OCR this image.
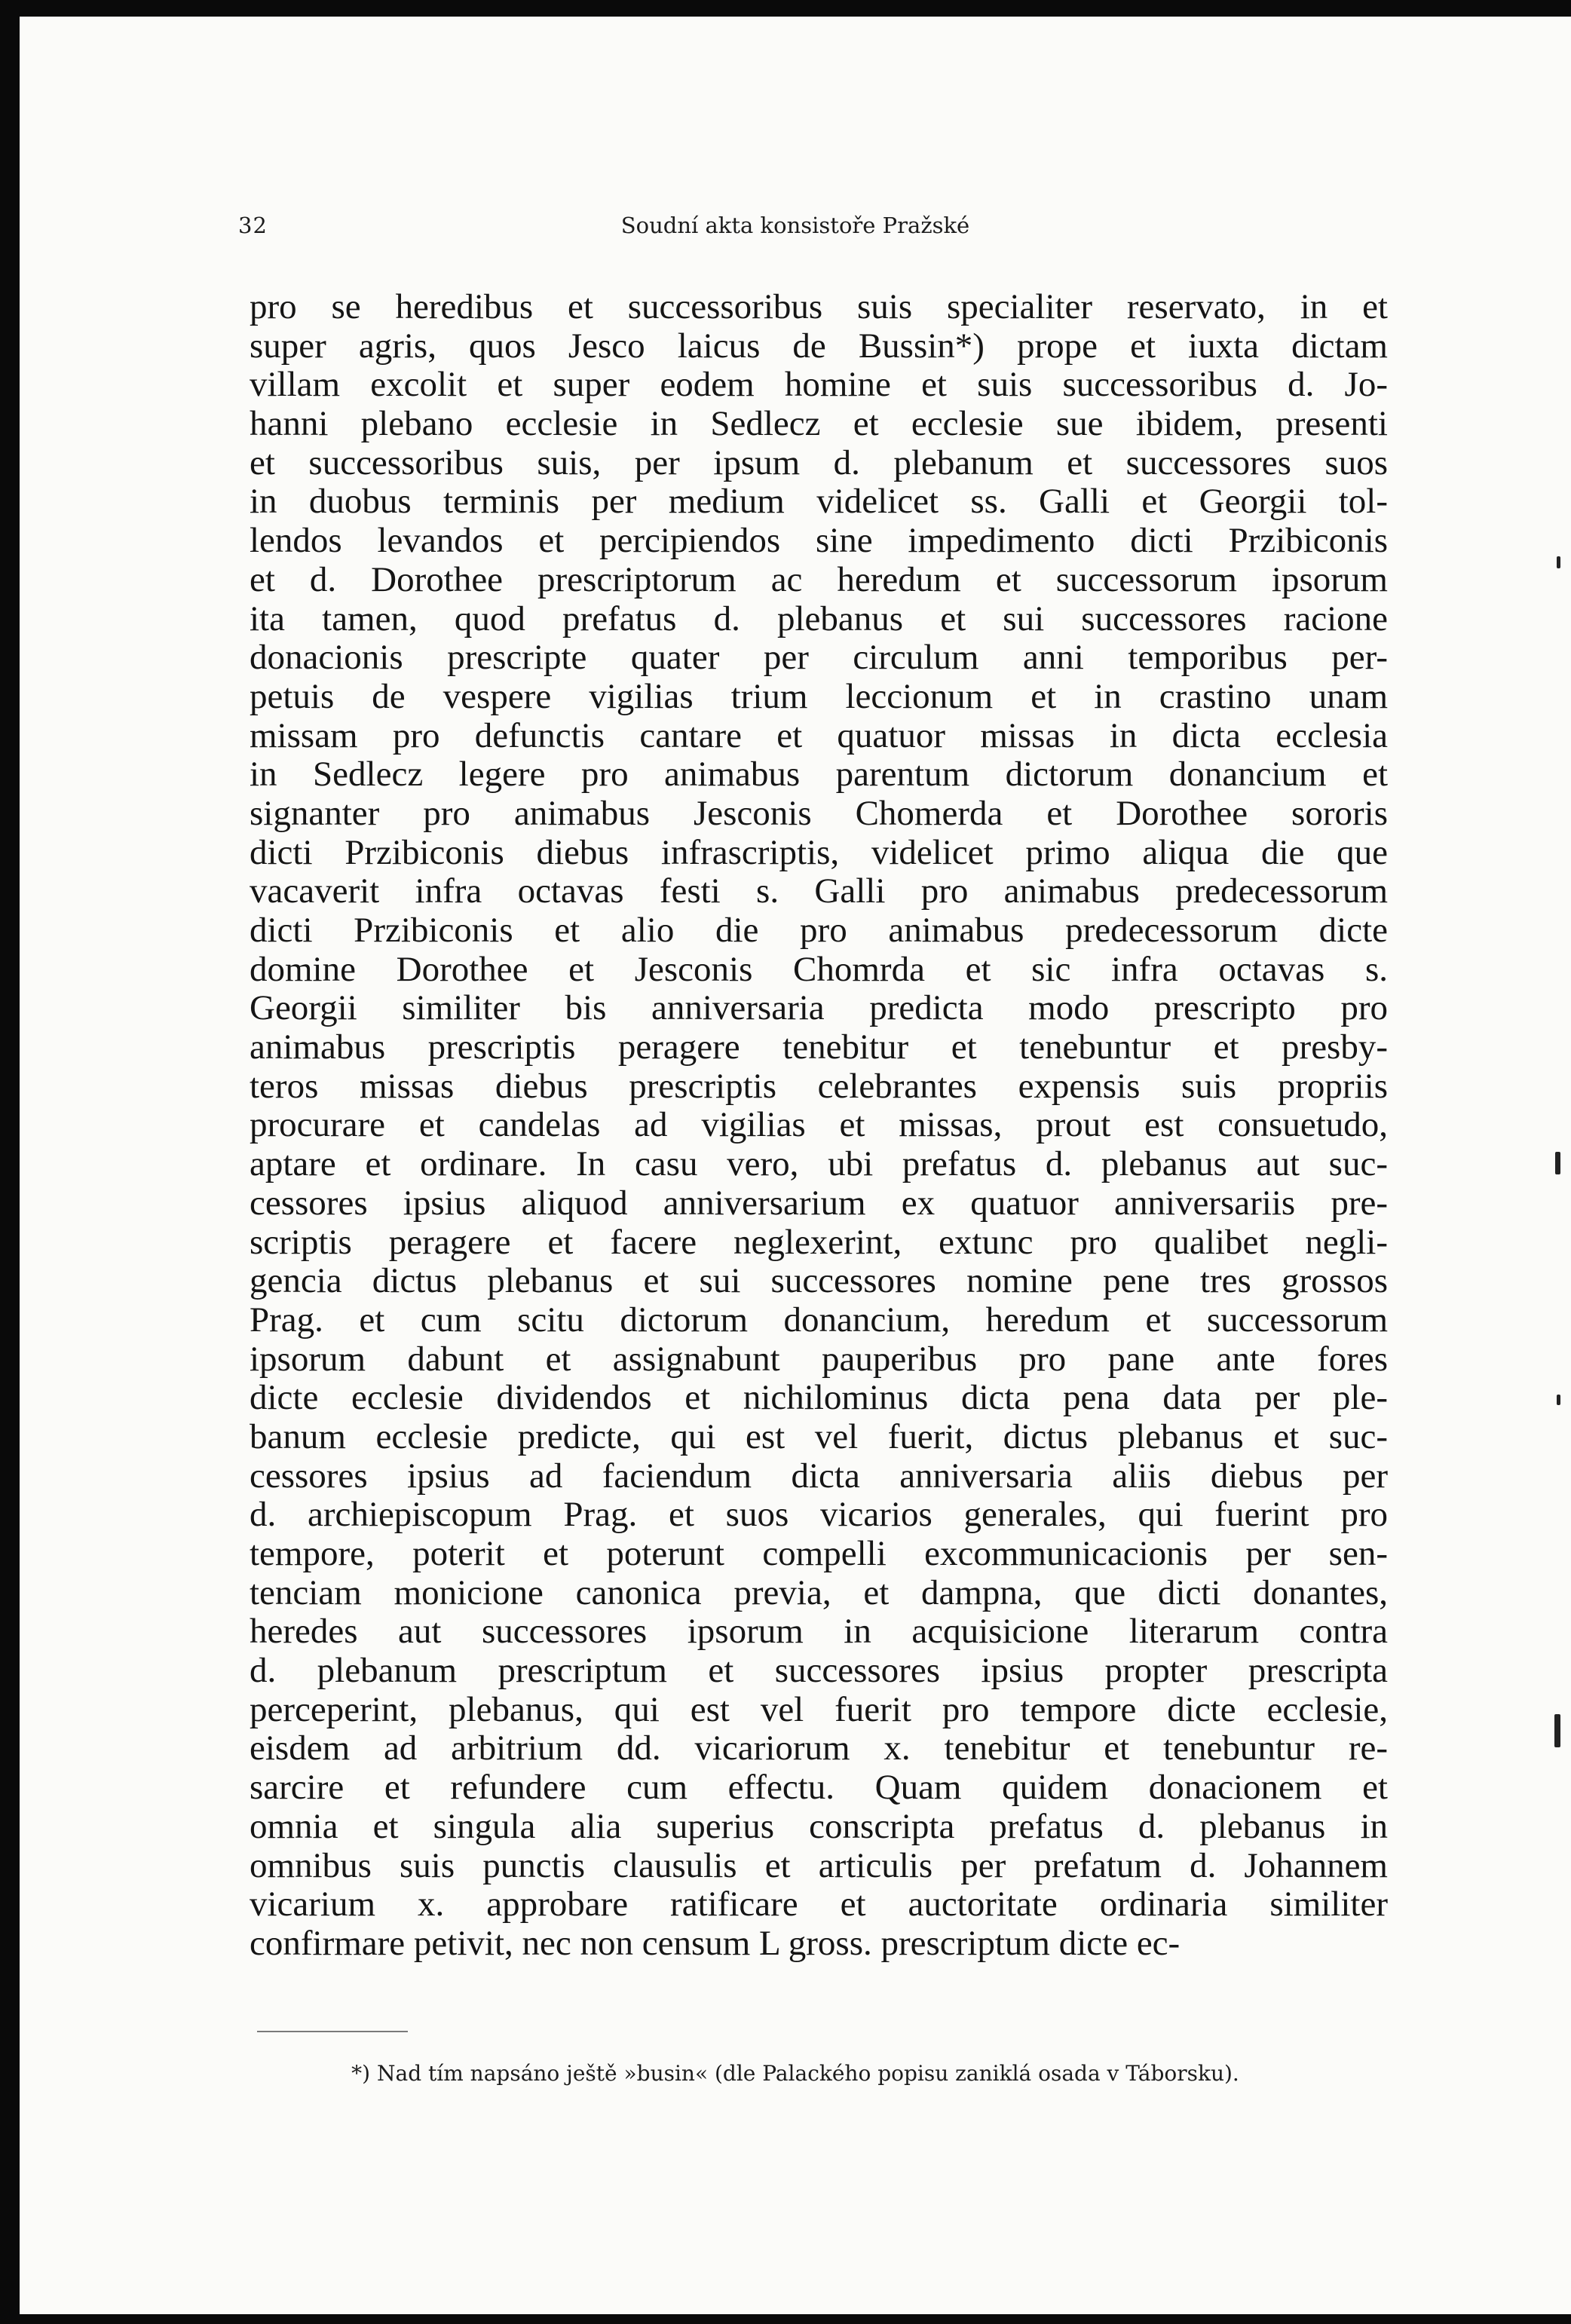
32	Soudní akta konsistoře Pražské
pro se heredibus et successoribus suis specialiter reservato, in et
super agris, quos Jesco laicus de Bussin*) prope et iuxta dictam
villam excolit et super eodem homine et suis successoribus d. Jo-
hanni plebano ecclesie in Sedlecz et ecclesie sue ibidem, presenti
et successoribus suis, per ipsum d. plebanum et successores suos
in duobus terminis per medium videlicet ss. Galli et Georgii tol-
lendos levandos et percipiendos sine impedimento dicti Przibiconis
et d. Dorothee prescriptorum ac heredum et successorum ipsorum
ita tamen, quod prefatus d. plebanus et sui successores racione
donacionis prescripte quater per circulum anni temporibus per-
petuis de vespere vigilias trium leccionum et in crastino unam
missam pro defunctis cantare et quatuor missas in dicta ecclesia
in Sedlecz legere pro animabus parentum dictorum donancium et
signanter pro animabus Jesconis Chomerda et Dorothee sororis
dicti Przibiconis diebus infrascriptis, videlicet primo aliqua die que
vacaverit infra octavas festi s. Galli pro animabus predecessorum
dicti Przibiconis et alio die pro animabus predecessorum dicte
domine Dorothee et Jesconis Chomrda et sic infra octavas s.
Georgii similiter bis anniversaria predicta modo prescripto pro
animabus prescriptis peragere tenebitur et tenebuntur et presby-
teros missas diebus prescriptis celebrantes expensis suis propriis
procurare et candelas ad vigilias et missas, prout est consuetudo,
aptare et ordinare. In casu vero, ubi prefatus d. plebanus aut suc-
cessores ipsius aliquod anniversarium ex quatuor anniversariis pre-
scriptis peragere et facere neglexerint, extunc pro qualibet negli-
gencia dictus plebanus et sui successores nomine pene tres grossos
Prag. et cum scitu dictorum donancium, heredum et successorum
ipsorum dabunt et assignabunt pauperibus pro pane ante fores
dicte ecclesie dividendos et nichilominus dicta pena data per ple-
banum ecclesie predicte, qui est vel fuerit, dictus plebanus et suc-
cessores ipsius ad faciendum dicta anniversaria aliis diebus per
d. archiepiscopum Prag. et suos vicarios generales, qui fuerint pro
tempore, poterit et poterunt compelli excommunicacionis per sen-
tenciam monicione canonica previa, et dampna, que dicti donantes,
heredes aut successores ipsorum in acquisicione literarum contra
d. plebanum prescriptum et successores ipsius propter prescripta
perceperint, plebanus, qui est vel fuerit pro tempore dicte ecclesie,
eisdem ad arbitrium dd. vicariorum x. tenebitur et tenebuntur re-
sarcire et refundere cum effectu. Quam quidem donacionem et
omnia et singula alia superius conscripta prefatus d. plebanus in
omnibus suis punctis clausulis et articulis per prefatum d. Johannem
vicarium x. approbare ratificare et auctoritate ordinaria similiter
confirmare petivit, nec non censum L gross. prescriptum dicte ec-

*) Nad tím napsáno ještě »busin« (dle Palackého popisu zaniklá osada v Táborsku).
